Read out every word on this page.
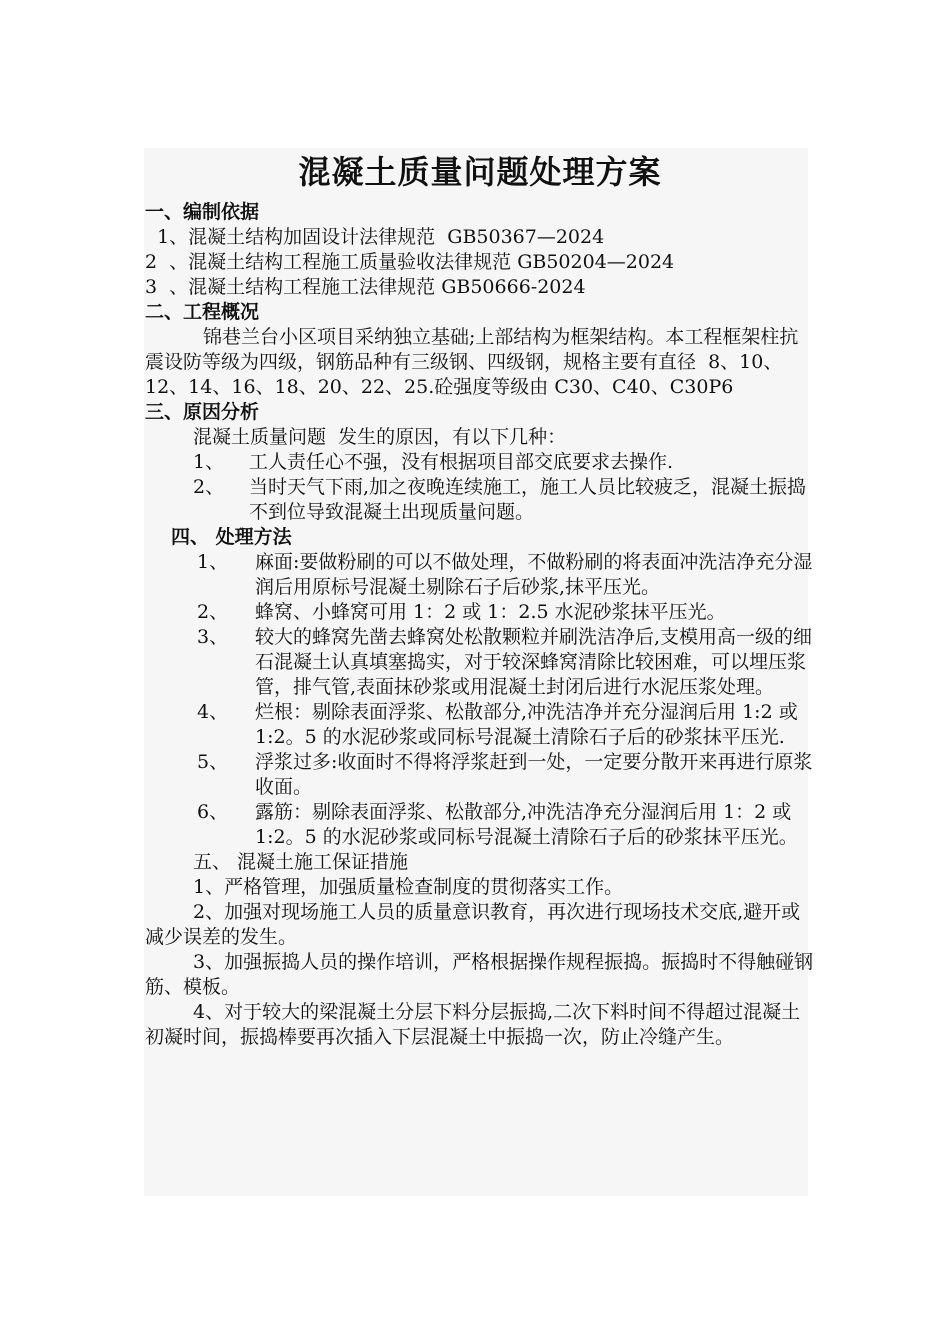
混凝土质量问题处理方案
一、编制依据
1、混凝土结构加固设计法律规范  GB50367—2024
2  、混凝土结构工程施工质量验收法律规范 GB50204—2024
3  、混凝土结构工程施工法律规范 GB50666-2024
二、工程概况
锦巷兰台小区项目采纳独立基础;上部结构为框架结构。本工程框架柱抗震设防等级为四级，钢筋品种有三级钢、四级钢，规格主要有直径  8、10、12、14、16、18、20、22、25.砼强度等级由 C30、C40、C30P6
三、原因分析
混凝土质量问题  发生的原因，有以下几种：
1、	工人责任心不强，没有根据项目部交底要求去操作.
2、	当时天气下雨,加之夜晚连续施工，施工人员比较疲乏，混凝土振捣不到位导致混凝土出现质量问题。
四、 处理方法
1、	麻面:要做粉刷的可以不做处理，不做粉刷的将表面冲洗洁净充分湿润后用原标号混凝土剔除石子后砂浆,抹平压光。
2、	蜂窝、小蜂窝可用 1：2 或 1：2.5 水泥砂浆抹平压光。
3、	较大的蜂窝先凿去蜂窝处松散颗粒并刷洗洁净后,支模用高一级的细石混凝土认真填塞捣实，对于较深蜂窝清除比较困难，可以埋压浆管，排气管,表面抹砂浆或用混凝土封闭后进行水泥压浆处理。
4、	烂根：剔除表面浮浆、松散部分,冲洗洁净并充分湿润后用 1:2 或 1:2。5 的水泥砂浆或同标号混凝土清除石子后的砂浆抹平压光.
5、	浮浆过多:收面时不得将浮浆赶到一处，一定要分散开来再进行原浆收面。
6、	露筋：剔除表面浮浆、松散部分,冲洗洁净充分湿润后用 1：2 或 1:2。5 的水泥砂浆或同标号混凝土清除石子后的砂浆抹平压光。
五、 混凝土施工保证措施
1、严格管理，加强质量检查制度的贯彻落实工作。
2、加强对现场施工人员的质量意识教育，再次进行现场技术交底,避开或减少误差的发生。
3、加强振捣人员的操作培训，严格根据操作规程振捣。振捣时不得触碰钢筋、模板。
4、对于较大的梁混凝土分层下料分层振捣,二次下料时间不得超过混凝土初凝时间，振捣棒要再次插入下层混凝土中振捣一次，防止冷缝产生。
